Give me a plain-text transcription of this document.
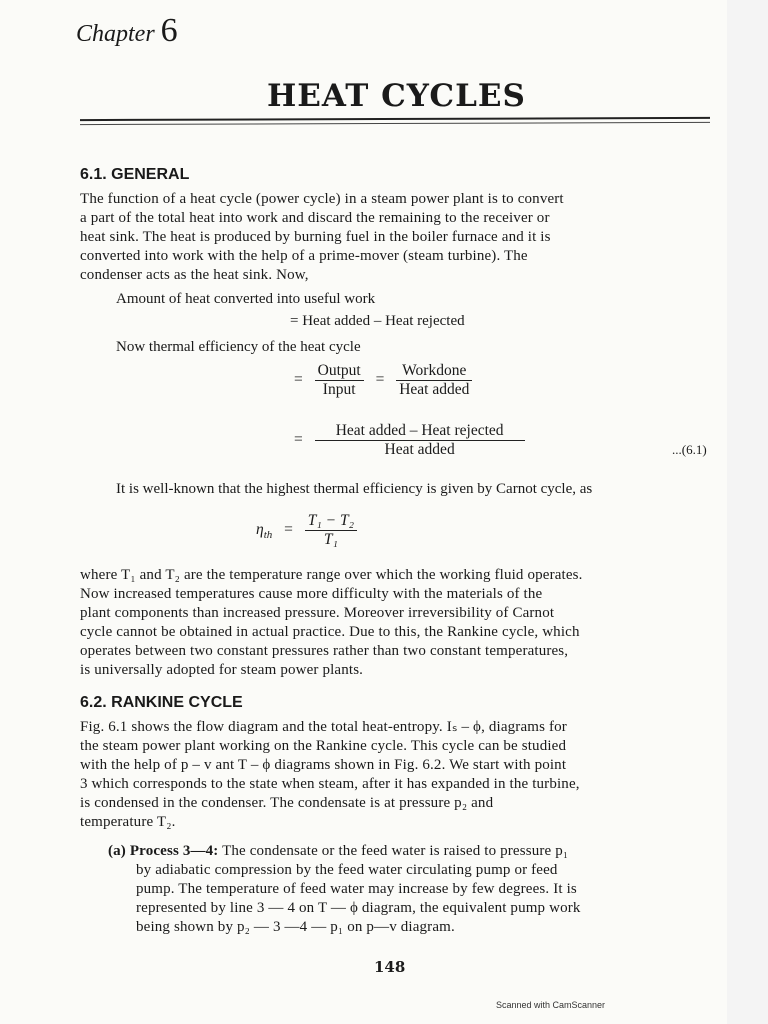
Chapter 6
HEAT CYCLES
6.1. GENERAL
The function of a heat cycle (power cycle) in a steam power plant is to convert
a part of the total heat into work and discard the remaining to the receiver or
heat sink. The heat is produced by burning fuel in the boiler furnace and it is
converted into work with the help of a prime-mover (steam turbine). The
condenser acts as the heat sink. Now,
Amount of heat converted into useful work
= Heat added – Heat rejected
Now thermal efficiency of the heat cycle
= $\frac{\text{Output}}{\text{Input}} = \frac{\text{Workdone}}{\text{Heat added}}$
= $\frac{\text{Heat added – Heat rejected}}{\text{Heat added}}$	...(6.1)
It is well-known that the highest thermal efficiency is given by Carnot cycle, as
$\eta_{th} = \frac{\text{T₁ − T₂}}{\text{T₁}}$
where T₁ and T₂ are the temperature range over which the working fluid operates.
Now increased temperatures cause more difficulty with the materials of the
plant components than increased pressure. Moreover irreversibility of Carnot
cycle cannot be obtained in actual practice. Due to this, the Rankine cycle, which
operates between two constant pressures rather than two constant temperatures,
is universally adopted for steam power plants.
6.2. RANKINE CYCLE
Fig. 6.1 shows the flow diagram and the total heat-entropy. Iₛ – ϕ, diagrams for
the steam power plant working on the Rankine cycle. This cycle can be studied
with the help of p – v ant T – ϕ diagrams shown in Fig. 6.2. We start with point
3 which corresponds to the state when steam, after it has expanded in the turbine,
is condensed in the condenser. The condensate is at pressure p₂ and
temperature T₂.
(a) Process 3—4: The condensate or the feed water is raised to pressure p₁
by adiabatic compression by the feed water circulating pump or feed
pump. The temperature of feed water may increase by few degrees. It is
represented by line 3 — 4 on T — ϕ diagram, the equivalent pump work
being shown by p₂ — 3 —4 — p₁ on p—v diagram.
148
Scanned with CamScanner
